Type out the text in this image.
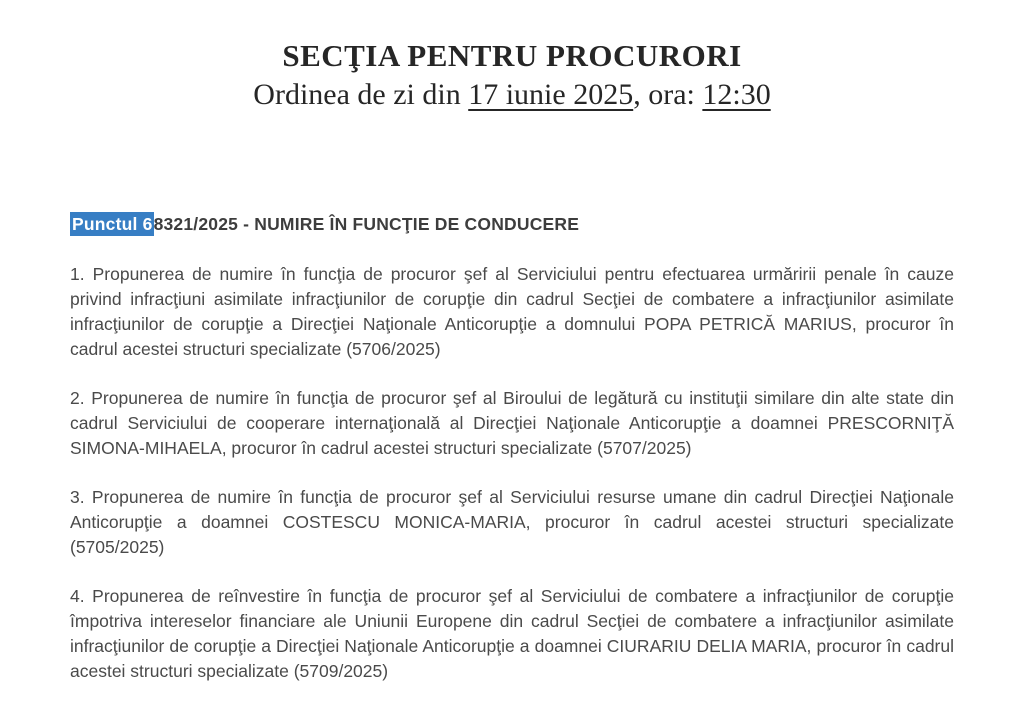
SECŢIA PENTRU PROCURORI
Ordinea de zi din 17 iunie 2025, ora: 12:30
Punctul 68321/2025 - NUMIRE ÎN FUNCŢIE DE CONDUCERE

1. Propunerea de numire în funcţia de procuror şef al Serviciului pentru efectuarea urmăririi penale în cauze privind infracţiuni asimilate infracţiunilor de corupţie din cadrul Secţiei de combatere a infracţiunilor asimilate infracţiunilor de corupţie a Direcţiei Naţionale Anticorupţie a domnului POPA PETRICĂ MARIUS, procuror în cadrul acestei structuri specializate (5706/2025)

2. Propunerea de numire în funcţia de procuror şef al Biroului de legătură cu instituţii similare din alte state din cadrul Serviciului de cooperare internaţională al Direcţiei Naţionale Anticorupţie a doamnei PRESCORNIŢĂ SIMONA-MIHAELA, procuror în cadrul acestei structuri specializate (5707/2025)

3. Propunerea de numire în funcţia de procuror şef al Serviciului resurse umane din cadrul Direcţiei Naţionale Anticorupţie a doamnei COSTESCU MONICA-MARIA, procuror în cadrul acestei structuri specializate (5705/2025)

4. Propunerea de reînvestire în funcţia de procuror şef al Serviciului de combatere a infracţiunilor de corupţie împotriva intereselor financiare ale Uniunii Europene din cadrul Secţiei de combatere a infracţiunilor asimilate infracţiunilor de corupţie a Direcţiei Naţionale Anticorupţie a doamnei CIURARIU DELIA MARIA, procuror în cadrul acestei structuri specializate (5709/2025)
